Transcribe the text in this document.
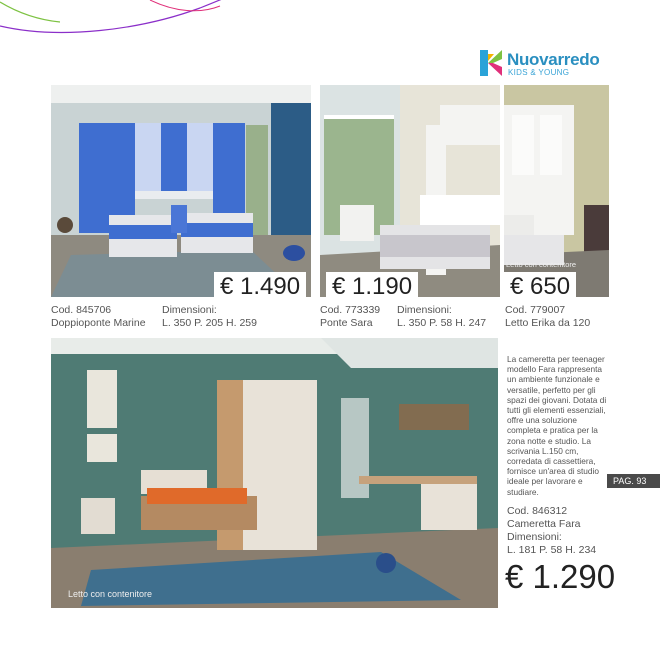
Nuovarredo
KIDS & YOUNG
€ 1.490 € 1.190
Letto con contenitore
€ 650
Cod. 845706
Doppioponte Marine
Dimensioni:
L. 350 P. 205 H. 259
Cod. 773339
Ponte Sara
Dimensioni:
L. 350 P. 58 H. 247
Cod. 779007
Letto Erika da 120
Letto con contenitore
La cameretta per teenager modello Fara rappresenta un ambiente funzionale e versatile, perfetto per gli spazi dei giovani. Dotata di tutti gli elementi essenziali, offre una soluzione completa e pratica per la zona notte e studio. La scrivania L.150 cm, corredata di cassettiera, fornisce un'area di studio ideale per lavorare e studiare.
PAG. 93
Cod. 846312
Cameretta Fara
Dimensioni:
L. 181 P. 58 H. 234
€ 1.290
